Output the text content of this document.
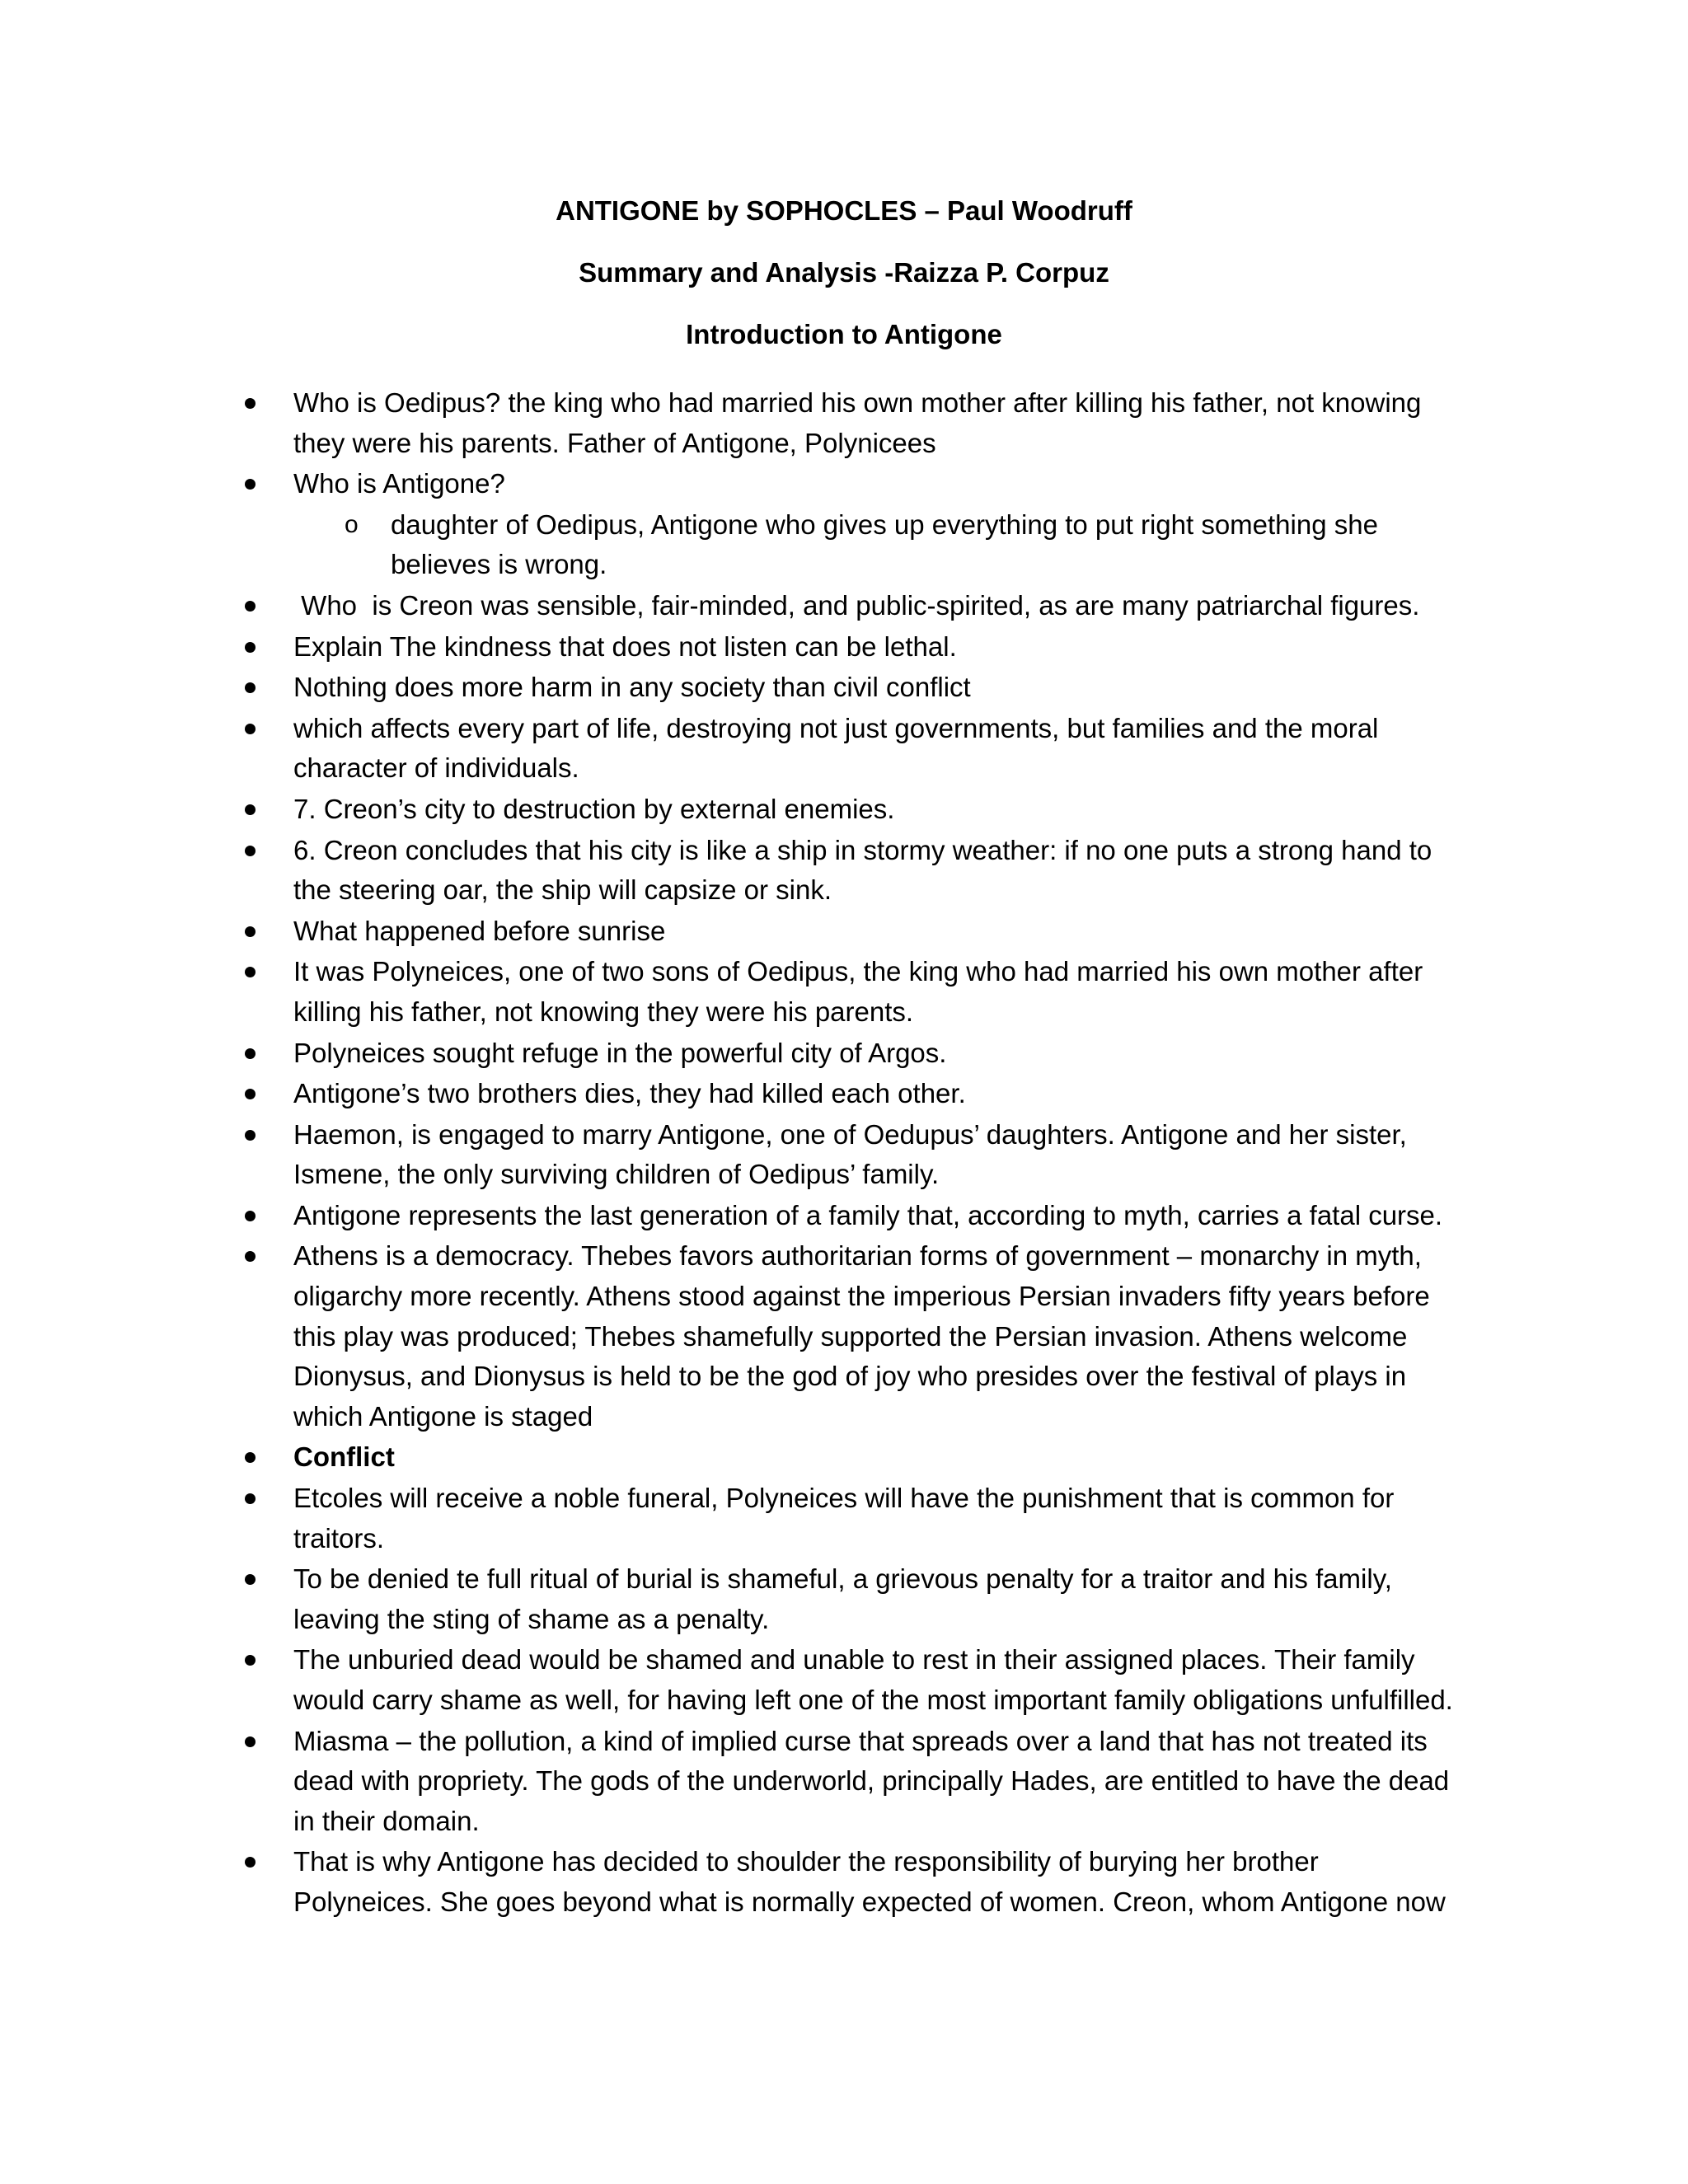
ANTIGONE by SOPHOCLES – Paul Woodruff
Summary and Analysis -Raizza P. Corpuz
Introduction to Antigone
Who is Oedipus? the king who had married his own mother after killing his father, not knowing they were his parents. Father of Antigone, Polynicees
Who is Antigone?
o daughter of Oedipus, Antigone who gives up everything to put right something she believes is wrong.
Who  is Creon was sensible, fair-minded, and public-spirited, as are many patriarchal figures.
Explain The kindness that does not listen can be lethal.
Nothing does more harm in any society than civil conflict
which affects every part of life, destroying not just governments, but families and the moral character of individuals.
7. Creon’s city to destruction by external enemies.
6. Creon concludes that his city is like a ship in stormy weather: if no one puts a strong hand to the steering oar, the ship will capsize or sink.
What happened before sunrise
It was Polyneices, one of two sons of Oedipus, the king who had married his own mother after killing his father, not knowing they were his parents.
Polyneices sought refuge in the powerful city of Argos.
Antigone’s two brothers dies, they had killed each other.
Haemon, is engaged to marry Antigone, one of Oedupus’ daughters. Antigone and her sister, Ismene, the only surviving children of Oedipus’ family.
Antigone represents the last generation of a family that, according to myth, carries a fatal curse.
Athens is a democracy. Thebes favors authoritarian forms of government – monarchy in myth, oligarchy more recently. Athens stood against the imperious Persian invaders fifty years before this play was produced; Thebes shamefully supported the Persian invasion. Athens welcome Dionysus, and Dionysus is held to be the god of joy who presides over the festival of plays in which Antigone is staged
Conflict
Etcoles will receive a noble funeral, Polyneices will have the punishment that is common for traitors.
To be denied te full ritual of burial is shameful, a grievous penalty for a traitor and his family, leaving the sting of shame as a penalty.
The unburied dead would be shamed and unable to rest in their assigned places. Their family would carry shame as well, for having left one of the most important family obligations unfulfilled.
Miasma – the pollution, a kind of implied curse that spreads over a land that has not treated its dead with propriety. The gods of the underworld, principally Hades, are entitled to have the dead in their domain.
That is why Antigone has decided to shoulder the responsibility of burying her brother Polyneices. She goes beyond what is normally expected of women. Creon, whom Antigone now
